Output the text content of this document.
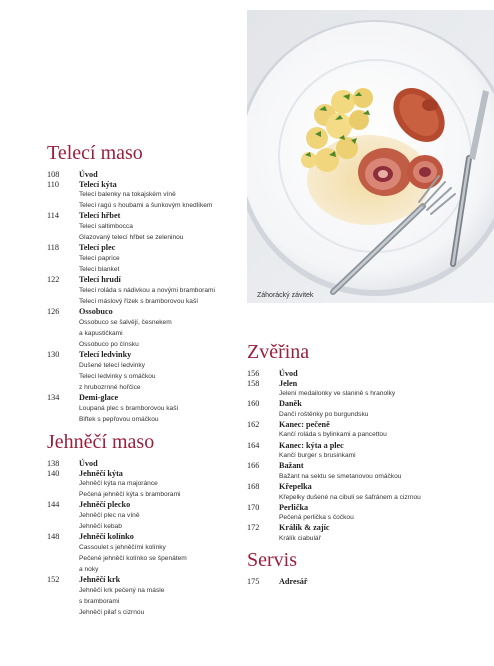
Záhorácký závitek
Telecí maso
108	Úvod
110	Telecí kýta
Telecí balenky na tokajském víně
Telecí ragú s houbami a šunkovým knedlíkem
114	Telecí hřbet
Telecí saltimbocca
Glazovaný telecí hřbet se zeleninou
118	Telecí plec
Telecí paprice
Telecí blanket
122	Telecí hrudí
Telecí roláda s nádivkou a novými bramborami
Telecí máslový řízek s bramborovou kaší
126	Ossobuco
Ossobuco se šalvějí, česnekem
a kapustičkami
Ossobuco po čínsku
130	Telecí ledvinky
Dušené telecí ledvinky
Telecí ledvinky s omáčkou
z hrubozrnné hořčice
134	Demi-glace
Loupaná plec s bramborovou kaší
Biftek s pepřovou omáčkou
Jehněčí maso
138	Úvod
140	Jehněčí kýta
Jehněčí kýta na majoránce
Pečená jehněčí kýta s bramborami
144	Jehněčí plecko
Jehněčí plec na víně
Jehněčí kebab
148	Jehněčí kolínko
Cassoulet s jehněčími kolínky
Pečené jehněčí kolínko se špenátem
a noky
152	Jehněčí krk
Jehněčí krk pečený na másle
s bramborami
Jehněčí pilaf s cizrnou
Zvěřina
156	Úvod
158	Jelen
Jelení medailonky ve slanině s hranolky
160	Daněk
Dančí roštěnky po burgundsku
162	Kanec: pečeně
Kančí roláda s bylinkami a pancettou
164	Kanec: kýta a plec
Kančí burger s brusinkami
166	Bažant
Bažant na sektu se smetanovou omáčkou
168	Křepelka
Křepelky dušené na cibuli se šafránem a cizrnou
170	Perlička
Pečená perlička s čočkou
172	Králík & zajíc
Králík ciabulář
Servis
175	Adresář
